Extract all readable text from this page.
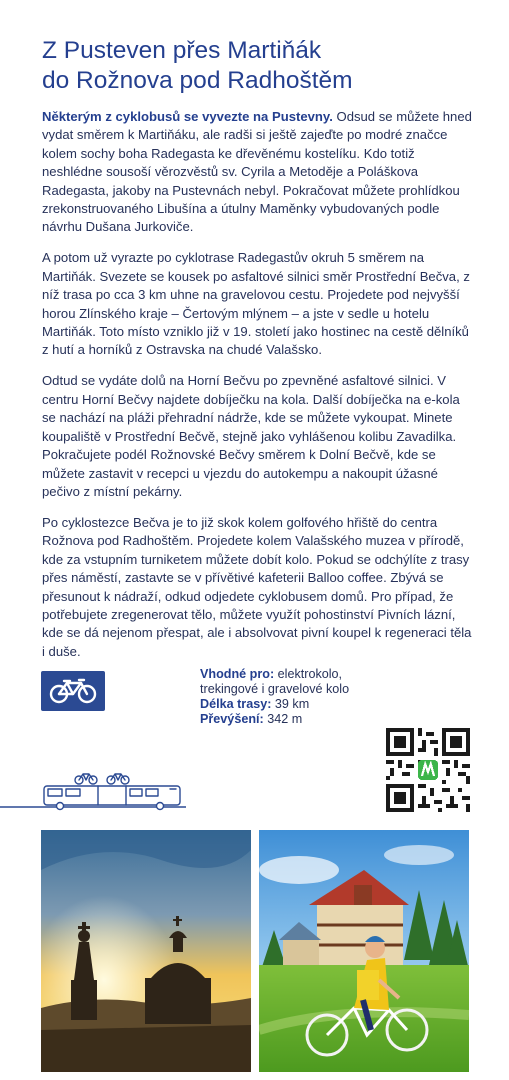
Z Pusteven přes Martiňák
do Rožnova pod Radhoštěm

Některým z cyklobusů se vyvezte na Pustevny. Odsud se můžete hned vydat směrem k Martiňáku, ale radši si ještě zajeďte po modré značce kolem sochy boha Radegasta ke dřevěnému kostelíku. Kdo totiž neshlédne sousoší věrozvěstů sv. Cyrila a Metoděje a Poláškova Radegasta, jakoby na Pustevnách nebyl. Pokračovat můžete prohlídkou zrekonstruovaného Libušína a útulny Maměnky vybudovaných podle návrhu Dušana Jurkoviče.

A potom už vyrazte po cyklotrase Radegastův okruh 5 směrem na Martiňák. Svezete se kousek po asfaltové silnici směr Prostřední Bečva, z níž trasa po cca 3 km uhne na gravelovou cestu. Projedete pod nejvyšší horou Zlínského kraje – Čertovým mlýnem – a jste v sedle u hotelu Martiňák. Toto místo vzniklo již v 19. století jako hostinec na cestě dělníků z hutí a horníků z Ostravska na chudé Valašsko.

Odtud se vydáte dolů na Horní Bečvu po zpevněné asfaltové silnici. V centru Horní Bečvy najdete dobíječku na kola. Další dobíječka na e-kola se nachází na pláži přehradní nádrže, kde se můžete vykoupat. Minete koupaliště v Prostřední Bečvě, stejně jako vyhlášenou kolibu Zavadilka. Pokračujete podél Rožnovské Bečvy směrem k Dolní Bečvě, kde se můžete zastavit v recepci u vjezdu do autokempu a nakoupit úžasné pečivo z místní pekárny.

Po cyklostezce Bečva je to již skok kolem golfového hřiště do centra Rožnova pod Radhoštěm. Projedete kolem Valašského muzea v přírodě, kde za vstupním turniketem můžete dobít kolo. Pokud se odchýlíte z trasy přes náměstí, zastavte se v přívětivé kafeterii Balloo coffee. Zbývá se přesunout k nádraží, odkud odjedete cyklobusem domů. Pro případ, že potřebujete zregenerovat tělo, můžete využít pohostinství Pivních lázní, kde se dá nejenom přespat, ale i absolvovat pivní koupel k regeneraci těla i duše.

Vhodné pro: elektrokolo, trekingové i gravelové kolo
Délka trasy: 39 km
Převýšení: 342 m
